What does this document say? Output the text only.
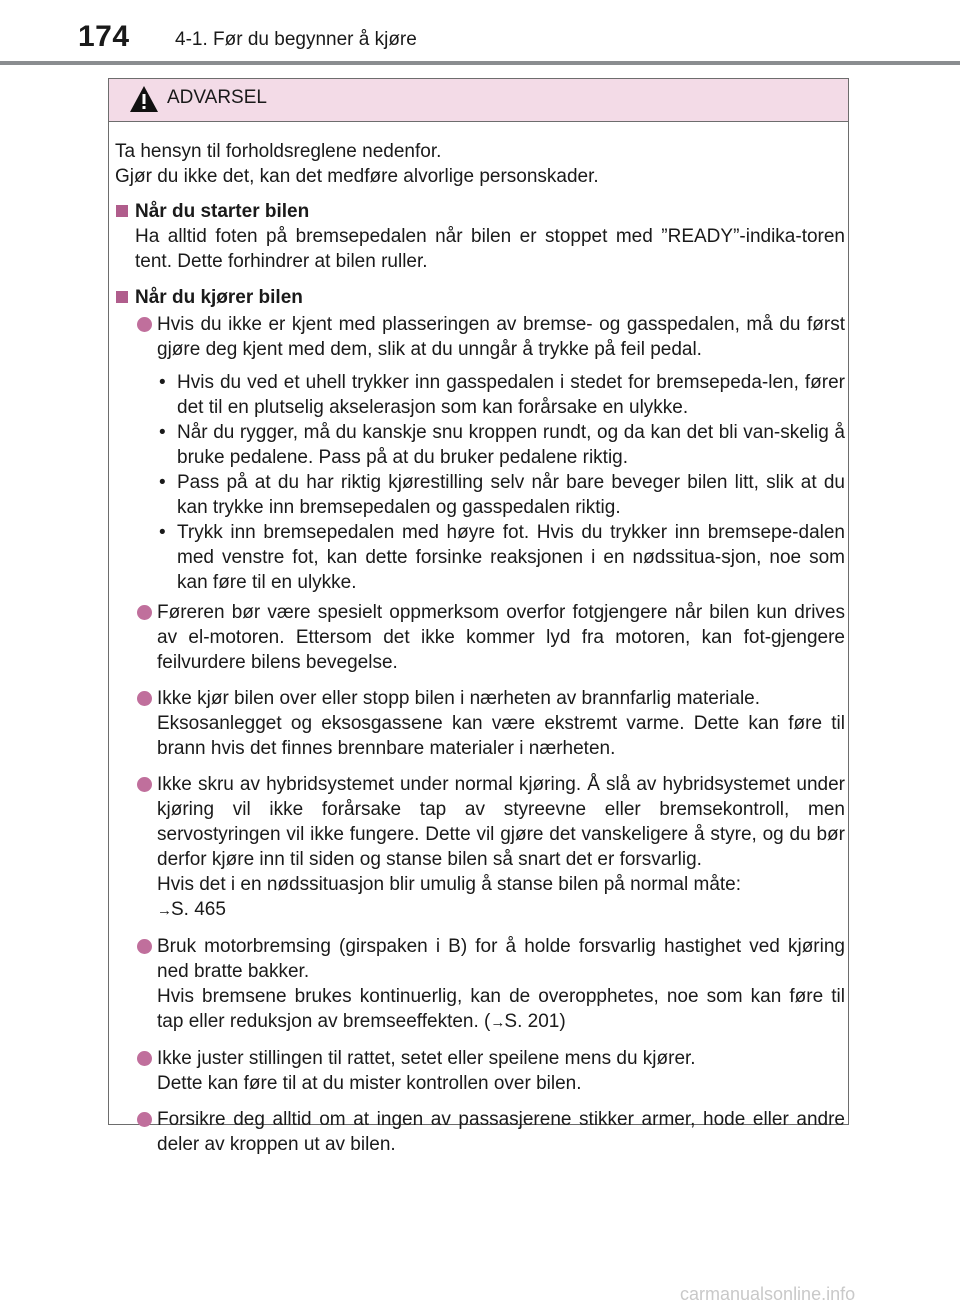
174 4-1. Før du begynner å kjøre
ADVARSEL

Ta hensyn til forholdsreglene nedenfor.

Gjør du ikke det, kan det medføre alvorlige personskader.

Når du starter bilen

Ha alltid foten på bremsepedalen når bilen er stoppet med ”READY”-indika-toren tent. Dette forhindrer at bilen ruller.

Når du kjører bilen
Hvis du ikke er kjent med plasseringen av bremse- og gasspedalen, må du først gjøre deg kjent med dem, slik at du unngår å trykke på feil pedal.
• Hvis du ved et uhell trykker inn gasspedalen i stedet for bremsepeda-len, fører det til en plutselig akselerasjon som kan forårsake en ulykke.
• Når du rygger, må du kanskje snu kroppen rundt, og da kan det bli van-skelig å bruke pedalene. Pass på at du bruker pedalene riktig.
• Pass på at du har riktig kjørestilling selv når bare beveger bilen litt, slik at du kan trykke inn bremsepedalen og gasspedalen riktig.
• Trykk inn bremsepedalen med høyre fot. Hvis du trykker inn bremsepe-dalen med venstre fot, kan dette forsinke reaksjonen i en nødssitua-sjon, noe som kan føre til en ulykke.
Føreren bør være spesielt oppmerksom overfor fotgjengere når bilen kun drives av el-motoren. Ettersom det ikke kommer lyd fra motoren, kan fot-gjengere feilvurdere bilens bevegelse.
Ikke kjør bilen over eller stopp bilen i nærheten av brannfarlig materiale.
Eksosanlegget og eksosgassene kan være ekstremt varme. Dette kan føre til brann hvis det finnes brennbare materialer i nærheten.
Ikke skru av hybridsystemet under normal kjøring. Å slå av hybridsystemet under kjøring vil ikke forårsake tap av styreevne eller bremsekontroll, men servostyringen vil ikke fungere. Dette vil gjøre det vanskeligere å styre, og du bør derfor kjøre inn til siden og stanse bilen så snart det er forsvarlig.
Hvis det i en nødssituasjon blir umulig å stanse bilen på normal måte:
→S. 465
Bruk motorbremsing (girspaken i B) for å holde forsvarlig hastighet ved kjøring ned bratte bakker.
Hvis bremsene brukes kontinuerlig, kan de overopphetes, noe som kan føre til tap eller reduksjon av bremseeffekten. (→S. 201)
Ikke juster stillingen til rattet, setet eller speilene mens du kjører.
Dette kan føre til at du mister kontrollen over bilen.
Forsikre deg alltid om at ingen av passasjerene stikker armer, hode eller andre deler av kroppen ut av bilen.
carmanualsonline.info
